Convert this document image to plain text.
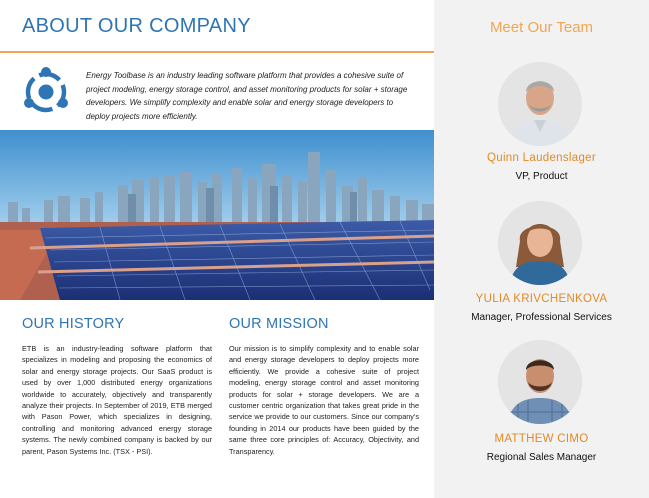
ABOUT OUR COMPANY
Energy Toolbase is an industry leading software platform that provides a cohesive suite of project modeling, energy storage control, and asset monitoring products for solar + storage developers. We simplify complexity and enable solar and energy storage developers to deploy projects more efficiently.
OUR HISTORY
ETB is an industry-leading software platform that specializes in modeling and proposing the economics of solar and energy storage projects. Our SaaS product is used by over 1,000 distributed energy organizations worldwide to accurately, objectively and transparently analyze their projects. In September of 2019, ETB merged with Pason Power, which specializes in designing, controlling and monitoring advanced energy storage systems. The newly combined company is backed by our parent, Pason Systems Inc. (TSX - PSI).
OUR MISSION
Our mission is to simplify complexity and to enable solar and energy storage developers to deploy projects more efficiently. We provide a cohesive suite of project modeling, energy storage control and asset monitoring products for solar + storage developers. We are a customer centric organization that takes great pride in the service we provide to our customers. Since our company's founding in 2014 our products have been guided by the same three core principles of: Accuracy, Objectivity, and Transparency.
Meet Our Team
Quinn Laudenslager
VP, Product
YULIA KRIVCHENKOVA
Manager, Professional Services
MATTHEW CIMO
Regional Sales Manager
